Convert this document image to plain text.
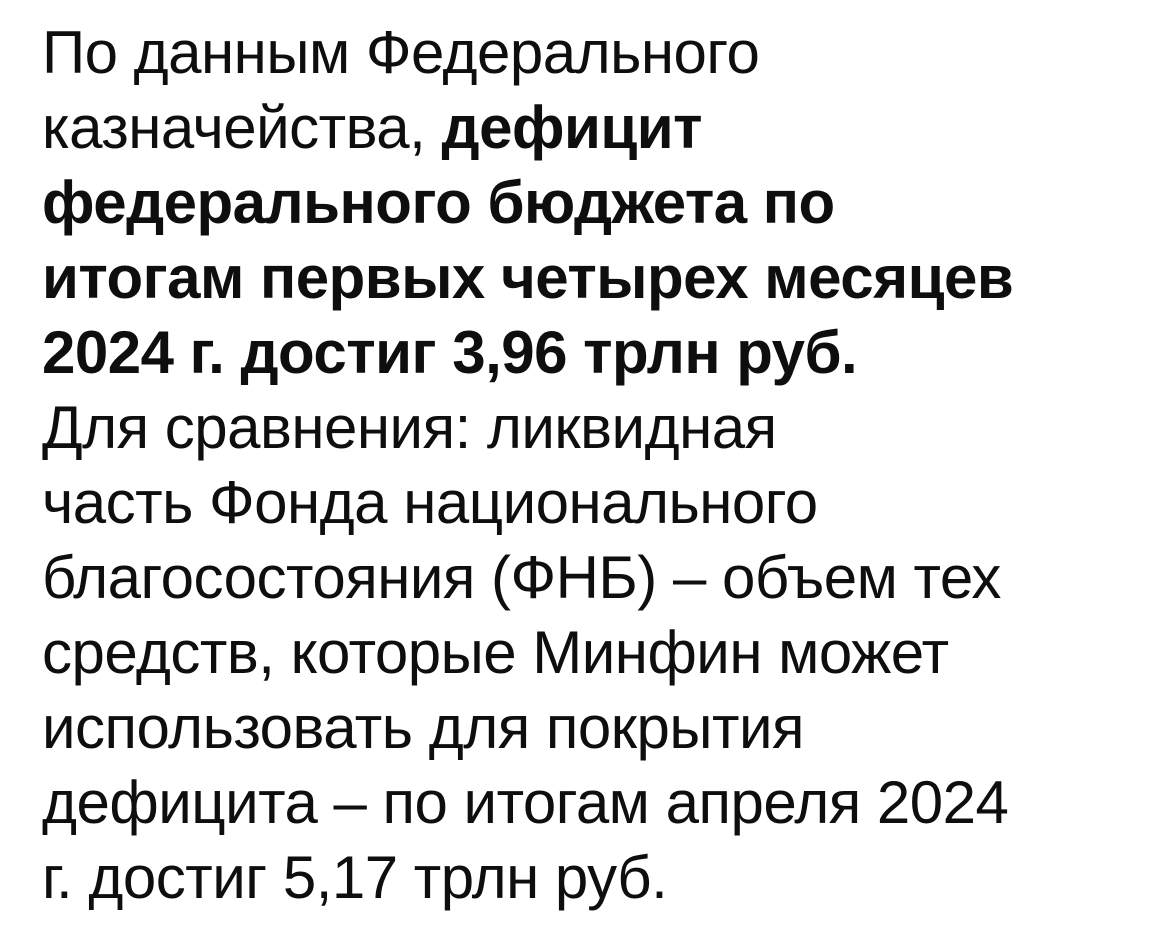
По данным Федерального
казначейства, дефицит
федерального бюджета по
итогам первых четырех месяцев
2024 г. достиг 3,96 трлн руб.
Для сравнения: ликвидная
часть Фонда национального
благосостояния (ФНБ) – объем тех
средств, которые Минфин может
использовать для покрытия
дефицита – по итогам апреля 2024
г. достиг 5,17 трлн руб.
